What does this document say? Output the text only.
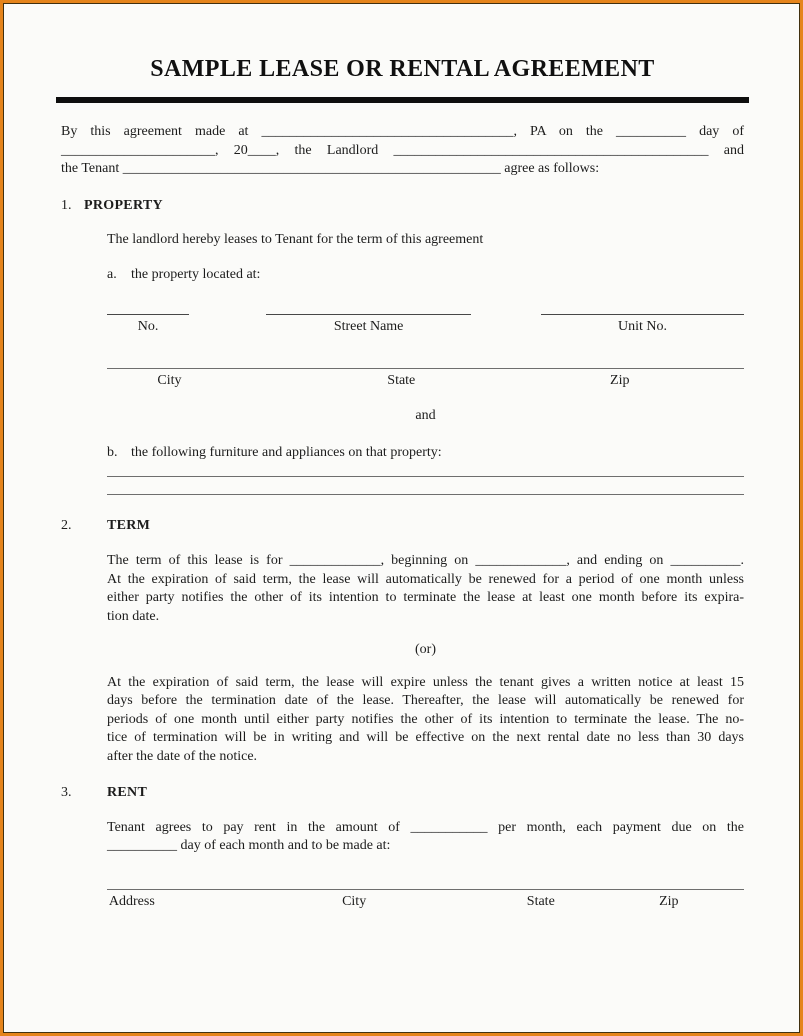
SAMPLE LEASE OR RENTAL AGREEMENT
By this agreement made at ____________________________________, PA on the __________ day of
______________________, 20____, the Landlord _____________________________________________ and
the Tenant ______________________________________________________ agree as follows:
1. PROPERTY
The landlord hereby leases to Tenant for the term of this agreement
a.	the property located at:
No.	Street Name	Unit No.
City	State	Zip
and
b. the following furniture and appliances on that property:
2.	TERM
The term of this lease is for _____________, beginning on _____________, and ending on __________.
At the expiration of said term, the lease will automatically be renewed for a period of one month unless
either party notifies the other of its intention to terminate the lease at least one month before its expira-
tion date.
(or)
At the expiration of said term, the lease will expire unless the tenant gives a written notice at least 15
days before the termination date of the lease. Thereafter, the lease will automatically be renewed for
periods of one month until either party notifies the other of its intention to terminate the lease. The no-
tice of termination will be in writing and will be effective on the next rental date no less than 30 days
after the date of the notice.
3.	RENT
Tenant agrees to pay rent in the amount of ___________ per month, each payment due on the
__________ day of each month and to be made at:
Address	City	State	Zip
